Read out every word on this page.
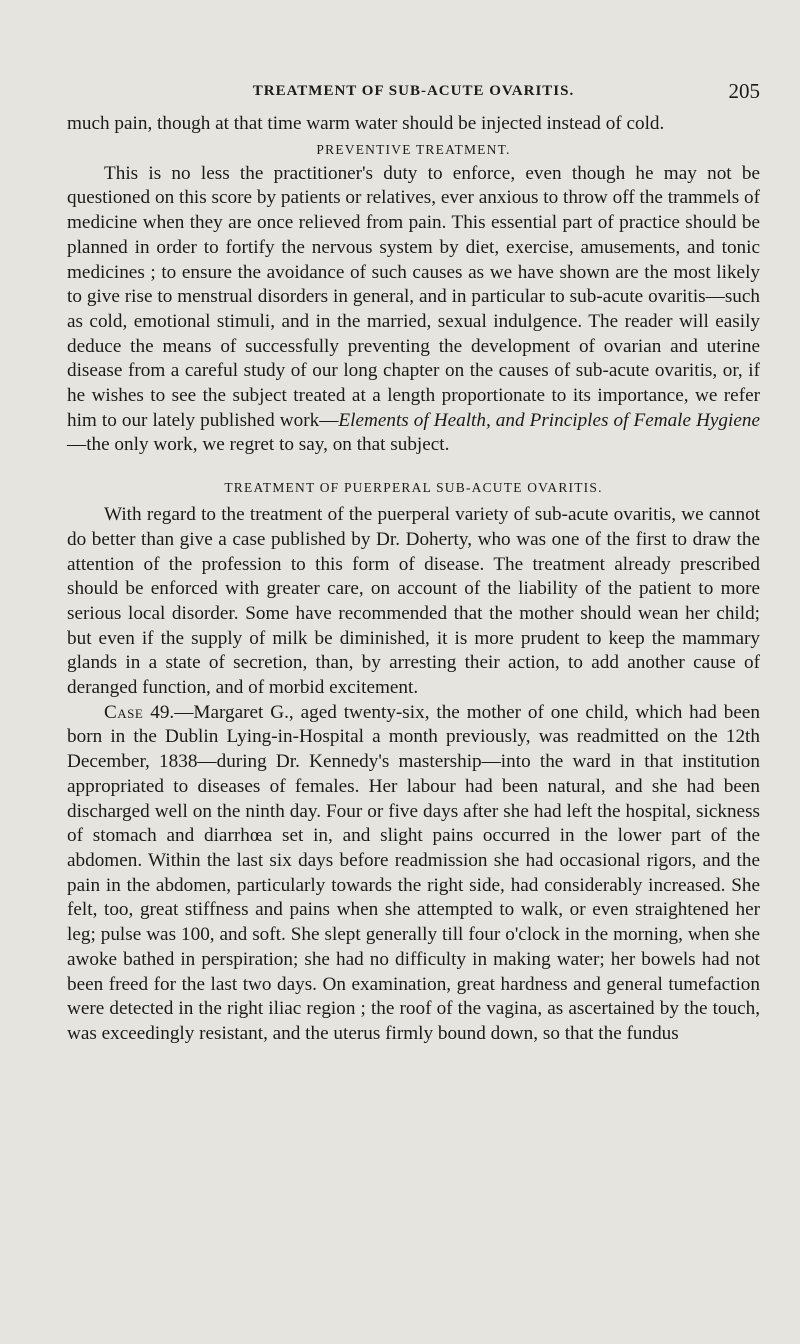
TREATMENT OF SUB-ACUTE OVARITIS.	205

much pain, though at that time warm water should be injected instead of cold.

PREVENTIVE TREATMENT.

This is no less the practitioner's duty to enforce, even though he may not be questioned on this score by patients or relatives, ever anxious to throw off the trammels of medicine when they are once relieved from pain. This essential part of practice should be planned in order to fortify the nervous system by diet, exercise, amusements, and tonic medicines ; to ensure the avoidance of such causes as we have shown are the most likely to give rise to menstrual disorders in general, and in particular to sub-acute ovaritis—such as cold, emotional stimuli, and in the married, sexual indulgence. The reader will easily deduce the means of successfully preventing the development of ovarian and uterine disease from a careful study of our long chapter on the causes of sub-acute ovaritis, or, if he wishes to see the subject treated at a length proportionate to its importance, we refer him to our lately published work—Elements of Health, and Principles of Female Hygiene—the only work, we regret to say, on that subject.

TREATMENT OF PUERPERAL SUB-ACUTE OVARITIS.

With regard to the treatment of the puerperal variety of sub-acute ovaritis, we cannot do better than give a case published by Dr. Doherty, who was one of the first to draw the attention of the profession to this form of disease. The treatment already prescribed should be enforced with greater care, on account of the liability of the patient to more serious local disorder. Some have recommended that the mother should wean her child; but even if the supply of milk be diminished, it is more prudent to keep the mammary glands in a state of secretion, than, by arresting their action, to add another cause of deranged function, and of morbid excitement.

Case 49.—Margaret G., aged twenty-six, the mother of one child, which had been born in the Dublin Lying-in-Hospital a month previously, was readmitted on the 12th December, 1838—during Dr. Kennedy's mastership—into the ward in that institution appropriated to diseases of females. Her labour had been natural, and she had been discharged well on the ninth day. Four or five days after she had left the hospital, sickness of stomach and diarrhœa set in, and slight pains occurred in the lower part of the abdomen. Within the last six days before readmission she had occasional rigors, and the pain in the abdomen, particularly towards the right side, had considerably increased. She felt, too, great stiffness and pains when she attempted to walk, or even straightened her leg; pulse was 100, and soft. She slept generally till four o'clock in the morning, when she awoke bathed in perspiration; she had no difficulty in making water; her bowels had not been freed for the last two days. On examination, great hardness and general tumefaction were detected in the right iliac region ; the roof of the vagina, as ascertained by the touch, was exceedingly resistant, and the uterus firmly bound down, so that the fundus
